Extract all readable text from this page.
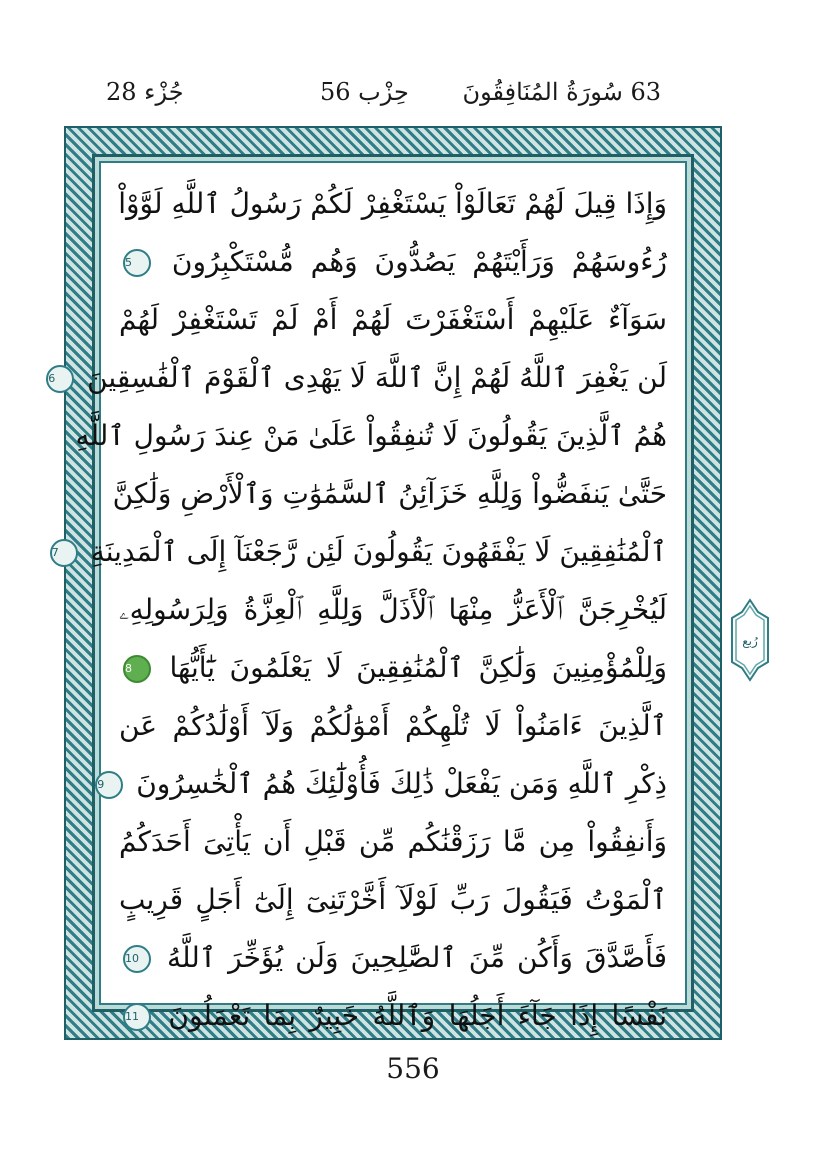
63 سُورَةُ المُنَافِقُونَ
حِزْب 56
جُزْء 28
وَإِذَا قِيلَ لَهُمْ تَعَالَوْاْ يَسْتَغْفِرْ لَكُمْ رَسُولُ ٱللَّهِ لَوَّوْاْ
رُءُوسَهُمْ وَرَأَيْتَهُمْ يَصُدُّونَ وَهُم مُّسْتَكْبِرُونَ 5
سَوَآءٌ عَلَيْهِمْ أَسْتَغْفَرْتَ لَهُمْ أَمْ لَمْ تَسْتَغْفِرْ لَهُمْ
لَن يَغْفِرَ ٱللَّهُ لَهُمْ إِنَّ ٱللَّهَ لَا يَهْدِى ٱلْقَوْمَ ٱلْفَٰسِقِينَ 6
هُمُ ٱلَّذِينَ يَقُولُونَ لَا تُنفِقُواْ عَلَىٰ مَنْ عِندَ رَسُولِ ٱللَّهِ
حَتَّىٰ يَنفَضُّواْ وَلِلَّهِ خَزَآئِنُ ٱلسَّمَٰوَٰتِ وَٱلْأَرْضِ وَلَٰكِنَّ
ٱلْمُنَٰفِقِينَ لَا يَفْقَهُونَ يَقُولُونَ لَئِن رَّجَعْنَآ إِلَى ٱلْمَدِينَةِ 7
لَيُخْرِجَنَّ ٱلْأَعَزُّ مِنْهَا ٱلْأَذَلَّ وَلِلَّهِ ٱلْعِزَّةُ وَلِرَسُولِهِۦ
وَلِلْمُؤْمِنِينَ وَلَٰكِنَّ ٱلْمُنَٰفِقِينَ لَا يَعْلَمُونَ يَٰٓأَيُّهَا 8
ٱلَّذِينَ ءَامَنُواْ لَا تُلْهِكُمْ أَمْوَٰلُكُمْ وَلَآ أَوْلَٰدُكُمْ عَن
ذِكْرِ ٱللَّهِ وَمَن يَفْعَلْ ذَٰلِكَ فَأُوْلَٰٓئِكَ هُمُ ٱلْخَٰسِرُونَ 9
وَأَنفِقُواْ مِن مَّا رَزَقْنَٰكُم مِّن قَبْلِ أَن يَأْتِىَ أَحَدَكُمُ
ٱلْمَوْتُ فَيَقُولَ رَبِّ لَوْلَآ أَخَّرْتَنِىٓ إِلَىٰٓ أَجَلٍ قَرِيبٍ
فَأَصَّدَّقَ وَأَكُن مِّنَ ٱلصَّٰلِحِينَ وَلَن يُؤَخِّرَ ٱللَّهُ 10
نَفْسًا إِذَا جَآءَ أَجَلُهَا وَٱللَّهُ خَبِيرٌ بِمَا تَعْمَلُونَ 11
رُبع
556
